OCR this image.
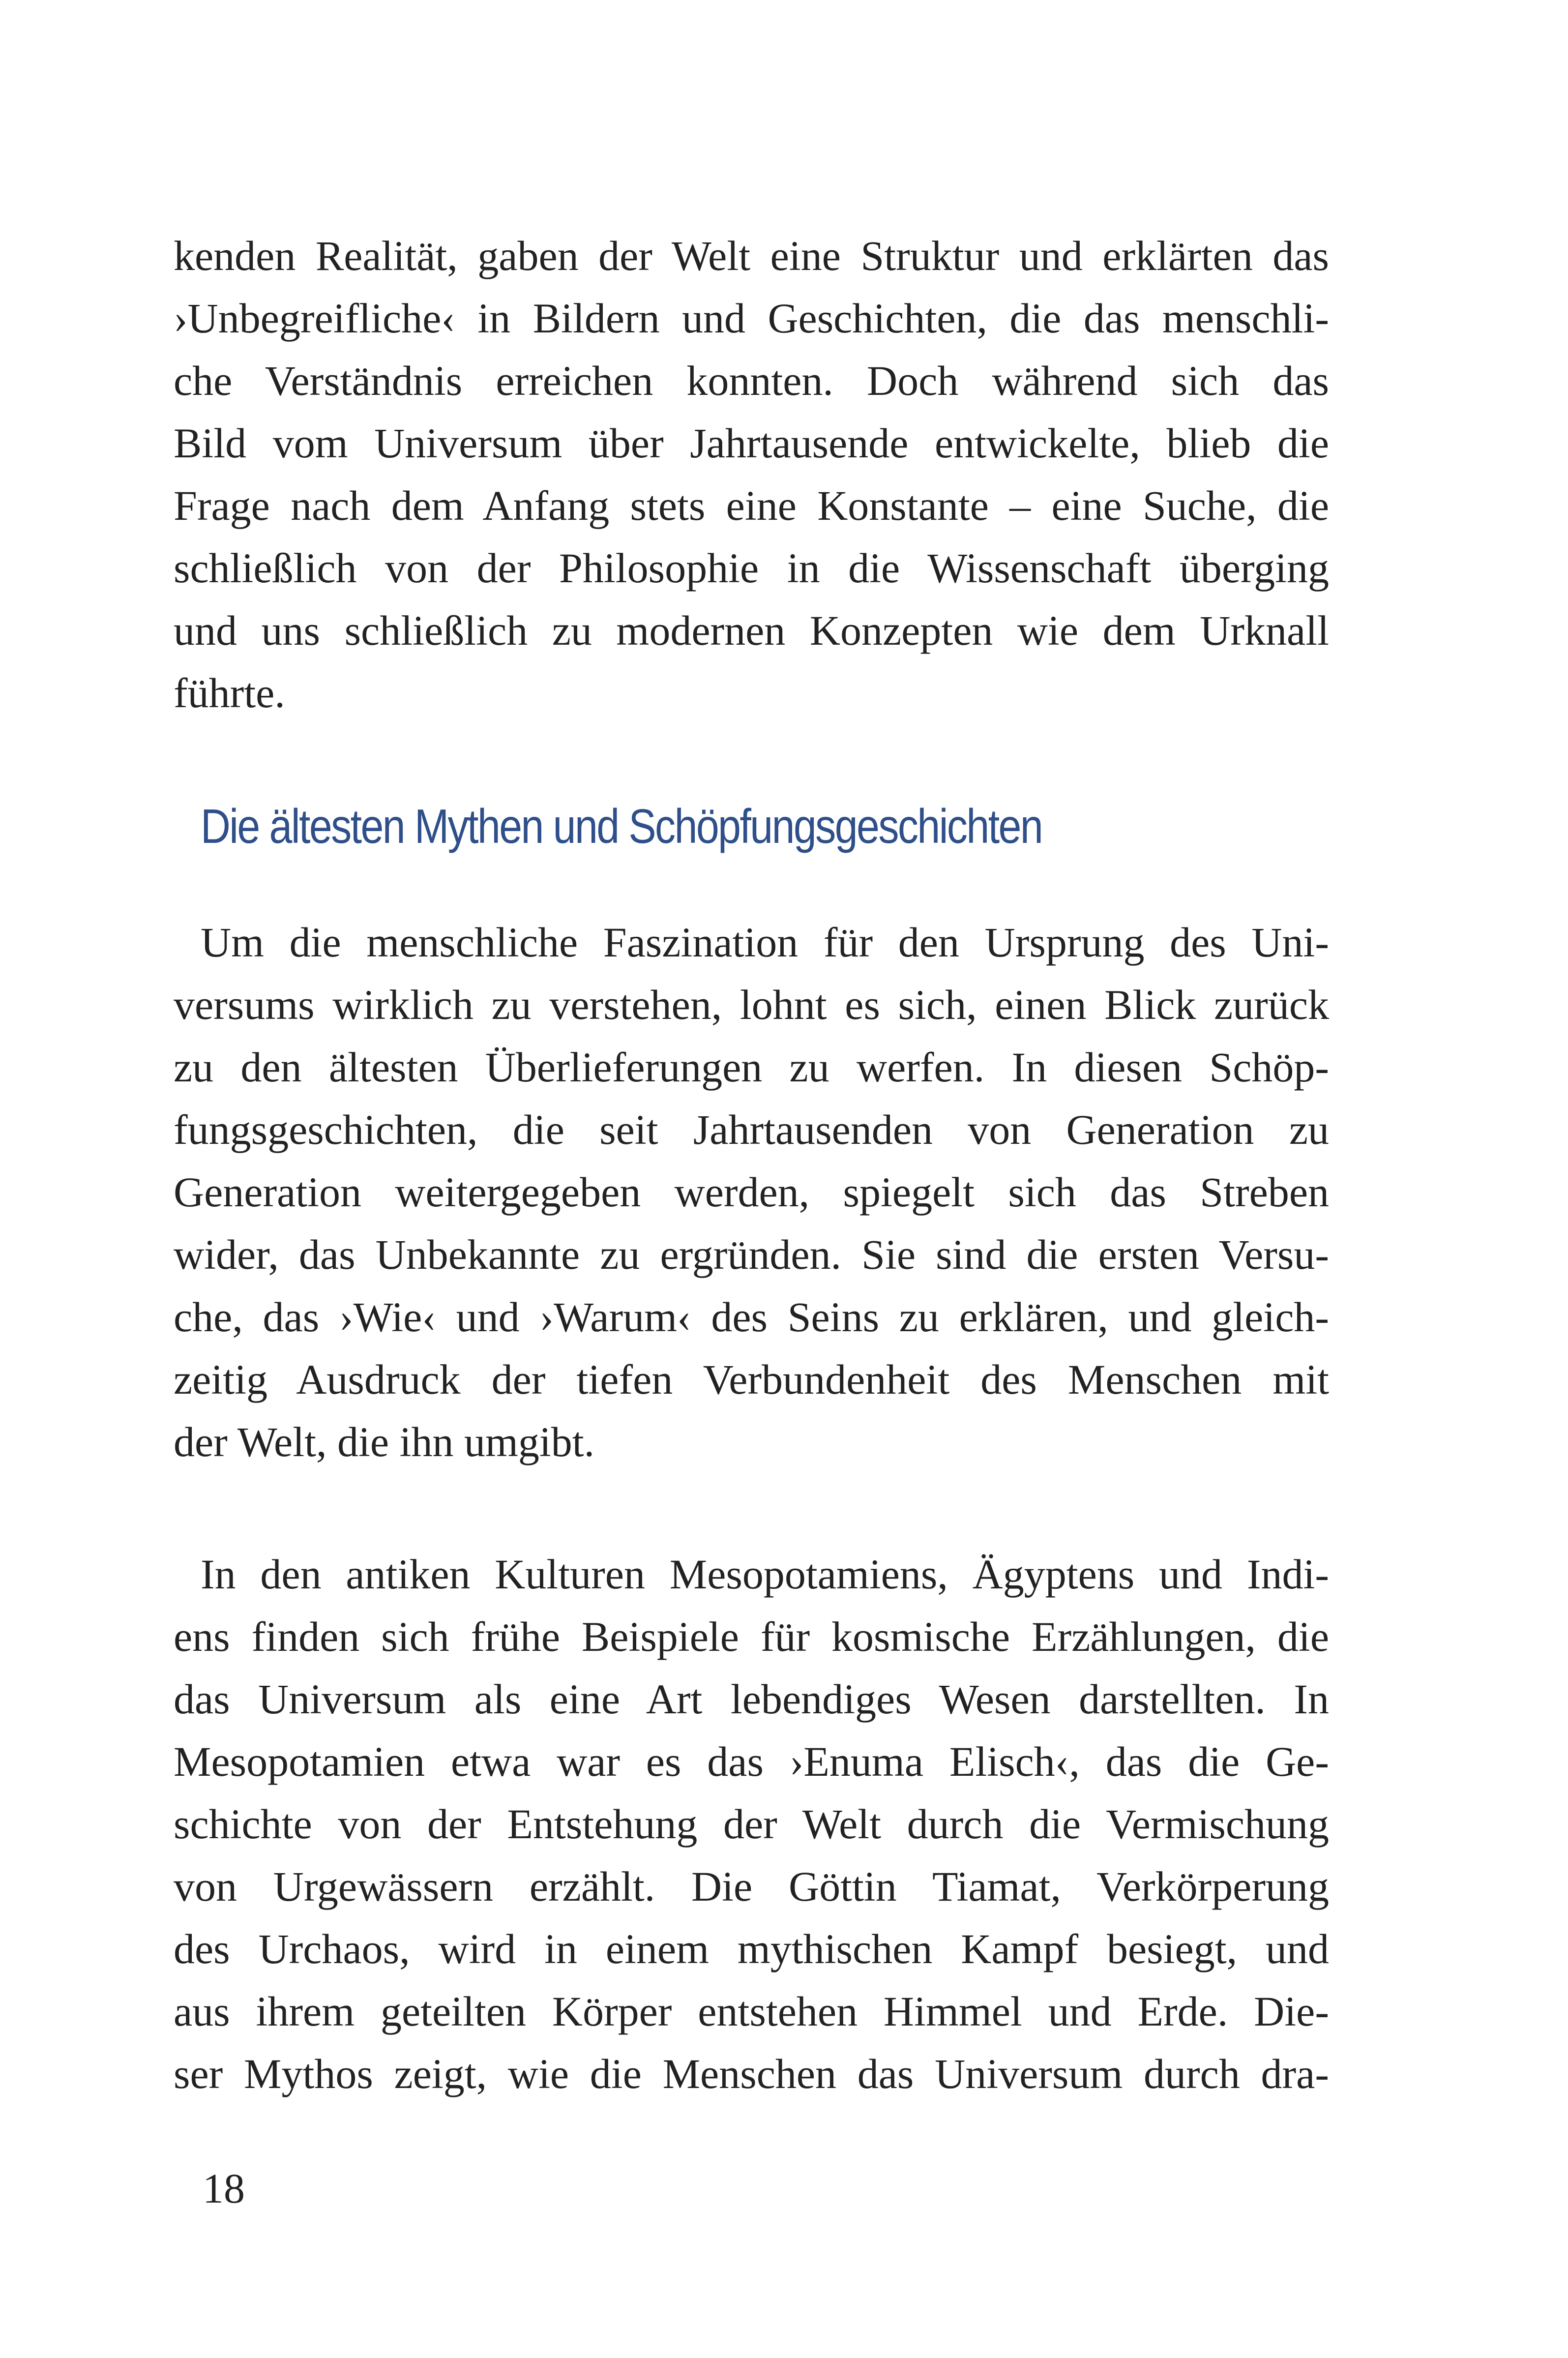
kenden Realität, gaben der Welt eine Struktur und erklärten das
›Unbegreifliche‹ in Bildern und Geschichten, die das menschli-
che Verständnis erreichen konnten. Doch während sich das
Bild vom Universum über Jahrtausende entwickelte, blieb die
Frage nach dem Anfang stets eine Konstante – eine Suche, die
schließlich von der Philosophie in die Wissenschaft überging
und uns schließlich zu modernen Konzepten wie dem Urknall
führte.
Die ältesten Mythen und Schöpfungsgeschichten
Um die menschliche Faszination für den Ursprung des Uni-
versums wirklich zu verstehen, lohnt es sich, einen Blick zurück
zu den ältesten Überlieferungen zu werfen. In diesen Schöp-
fungsgeschichten, die seit Jahrtausenden von Generation zu
Generation weitergegeben werden, spiegelt sich das Streben
wider, das Unbekannte zu ergründen. Sie sind die ersten Versu-
che, das ›Wie‹ und ›Warum‹ des Seins zu erklären, und gleich-
zeitig Ausdruck der tiefen Verbundenheit des Menschen mit
der Welt, die ihn umgibt.
In den antiken Kulturen Mesopotamiens, Ägyptens und Indi-
ens finden sich frühe Beispiele für kosmische Erzählungen, die
das Universum als eine Art lebendiges Wesen darstellten. In
Mesopotamien etwa war es das ›Enuma Elisch‹, das die Ge-
schichte von der Entstehung der Welt durch die Vermischung
von Urgewässern erzählt. Die Göttin Tiamat, Verkörperung
des Urchaos, wird in einem mythischen Kampf besiegt, und
aus ihrem geteilten Körper entstehen Himmel und Erde. Die-
ser Mythos zeigt, wie die Menschen das Universum durch dra-
18
